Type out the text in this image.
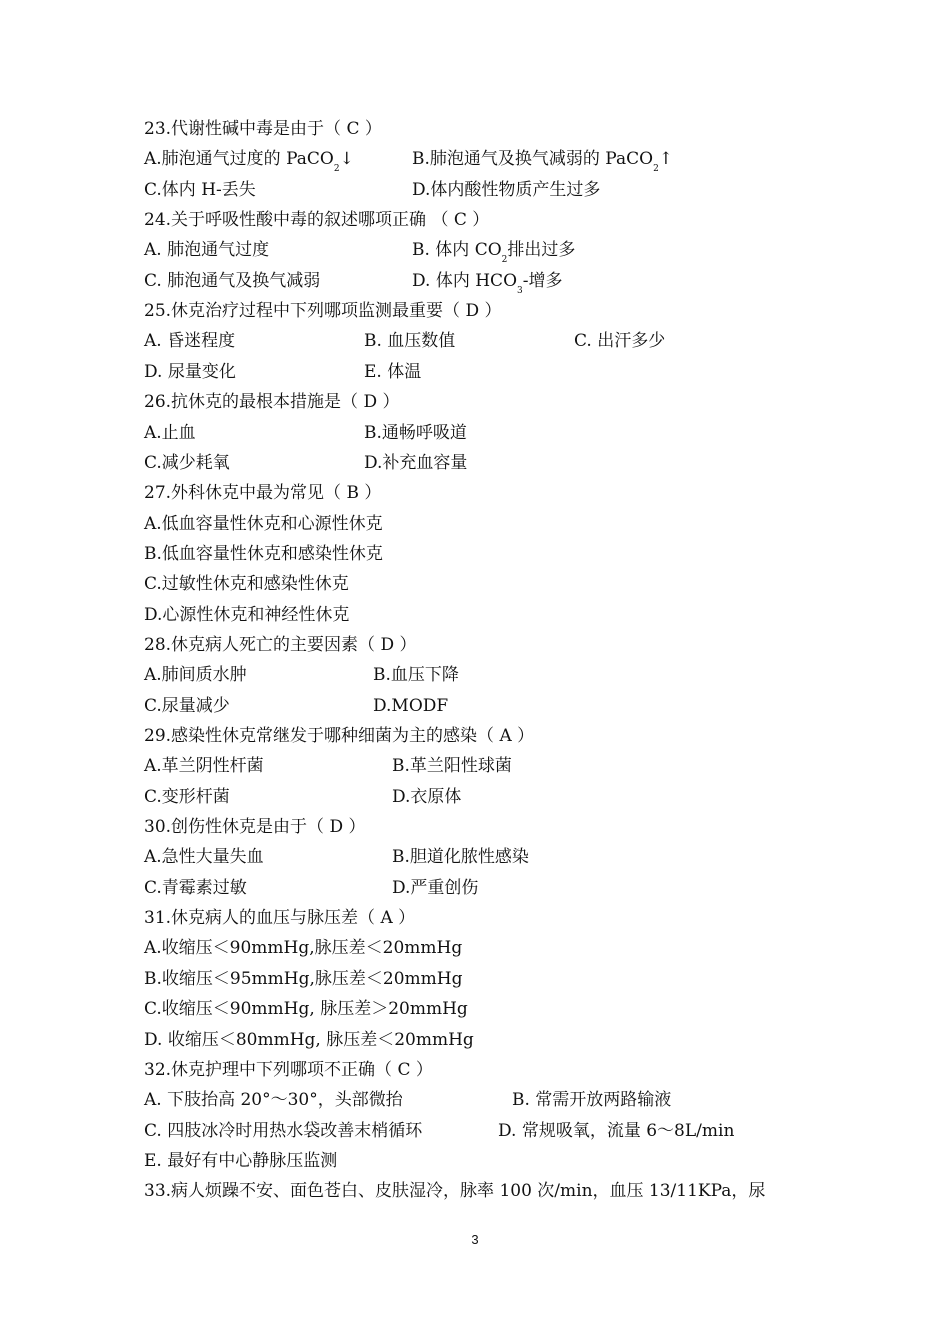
23.代谢性碱中毒是由于（ C ）
A.肺泡通气过度的 PaCO$_2$↓	B.肺泡通气及换气减弱的 PaCO$_2$↑
C.体内 H-丢失	D.体内酸性物质产生过多
24.关于呼吸性酸中毒的叙述哪项正确 （ C ）
A. 肺泡通气过度	B. 体内 $CO_2$排出过多
C. 肺泡通气及换气减弱	D. 体内 $HCO_3-$增多
25.休克治疗过程中下列哪项监测最重要（ D ）
A. 昏迷程度	B. 血压数值	C. 出汗多少
D. 尿量变化	E. 体温
26.抗休克的最根本措施是（ D ）
A.止血	B.通畅呼吸道
C.减少耗氧	D.补充血容量
27.外科休克中最为常见（ B ）
A.低血容量性休克和心源性休克
B.低血容量性休克和感染性休克
C.过敏性休克和感染性休克
D.心源性休克和神经性休克
28.休克病人死亡的主要因素（ D ）
A.肺间质水肿	B.血压下降
C.尿量减少	D.MODF
29.感染性休克常继发于哪种细菌为主的感染（ A ）
A.革兰阴性杆菌	B.革兰阳性球菌
C.变形杆菌	D.衣原体
30.创伤性休克是由于（ D ）
A.急性大量失血	B.胆道化脓性感染
C.青霉素过敏	D.严重创伤
31.休克病人的血压与脉压差（ A ）
A.收缩压＜90mmHg,脉压差＜20mmHg
B.收缩压＜95mmHg,脉压差＜20mmHg
C.收缩压＜90mmHg, 脉压差＞20mmHg
D. 收缩压＜80mmHg, 脉压差＜20mmHg
32.休克护理中下列哪项不正确（ C ）
A. 下肢抬高 20°～30°，头部微抬	B. 常需开放两路输液
C. 四肢冰冷时用热水袋改善末梢循环	D. 常规吸氧，流量 6～8L/min
E. 最好有中心静脉压监测
33.病人烦躁不安、面色苍白、皮肤湿冷，脉率 100 次/min，血压 13/11KPa，尿
3
